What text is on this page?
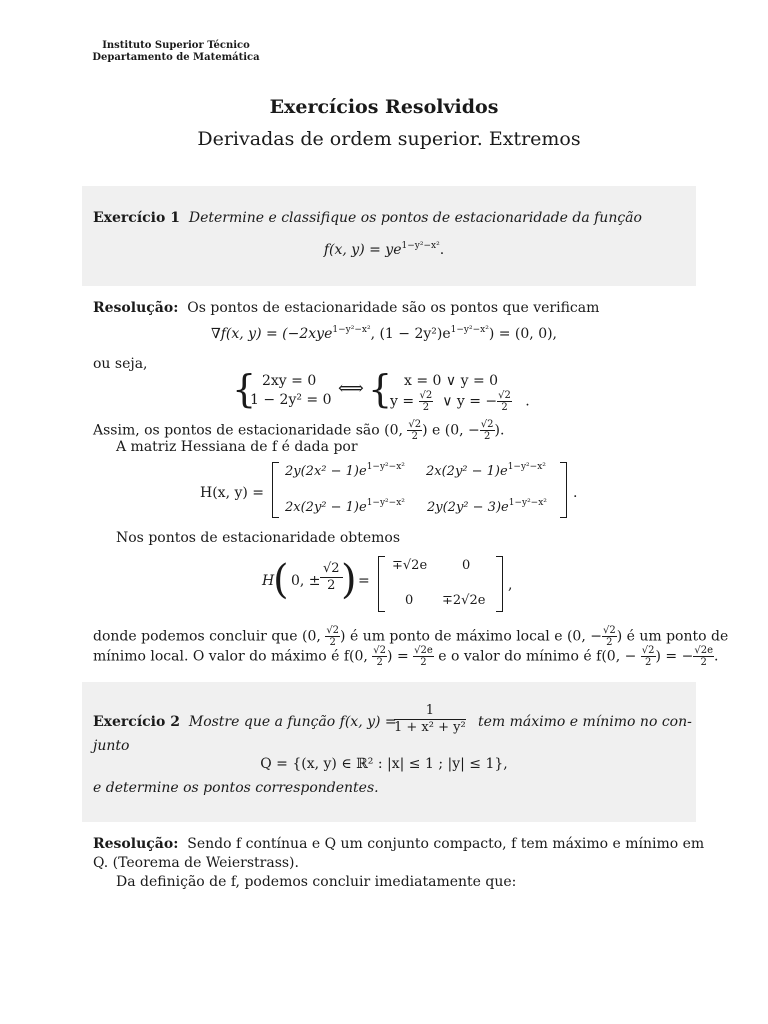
Instituto Superior Técnico
Departamento de Matemática
Exercícios Resolvidos
Derivadas de ordem superior. Extremos
Exercício 1 Determine e classifique os pontos de estacionaridade da função
f(x, $y) = ye^{1-y^2-x^2}$.
Resolução: Os pontos de estacionaridade são os pontos que verificam
∇f(x, y) = (−2xye$^{1-y^2-x^2}$, $(1 - 2y^2)e^{1-y^2-x^2}) = (0$, 0),
ou seja,
{ 2xy = 0
1 − 2y² = 0
⟺ { x = 0 ∨ y = 0
$y = \frac{√2}{2}$ ∨ y = − $\frac{√2}{2}$ .
Assim, os pontos de estacionaridade são (0, $\frac{√2}{2}$ ) e (0, − $\frac{√2}{2}$ ).
A matriz Hessiana de f é dada por
H(x, y) =
$2y(2x^2 - 1)e^{1-y^2-x^2}$ $2x(2y^2 - 1)e^{1-y^2-x^2}$
$2x(2y^2 - 1)e^{1-y^2-x^2}$ $2y(2y^2 - 3)e^{1-y^2-x^2}$
.
Nos pontos de estacionaridade obtemos
H
( 0, ±
√2
2 ) =
∓√2e	0
0 ∓2√2e
,
donde podemos concluir que (0, $\frac{√2}{2}$ ) é um ponto de máximo local e (0, − $\frac{√2}{2}$ ) é um ponto de
mínimo local. O valor do máximo é f(0, $\frac{√2}{2}$ ) = $\frac{√2e}{2}$ e o valor do mínimo é f(0, − $\frac{√2}{2}$ ) = − $\frac{√2e}{2}$ .
Exercício 2 Mostre que a função f(x, y) =
1
1 + x² + y² tem máximo e mínimo no con-
junto
Q = {(x, y) ∈ ℝ² : |x| ≤ 1 ; |y| ≤ 1},
e determine os pontos correspondentes.
Resolução: Sendo f contínua e Q um conjunto compacto, f tem máximo e mínimo em
Q. (Teorema de Weierstrass).
Da definição de f, podemos concluir imediatamente que:
